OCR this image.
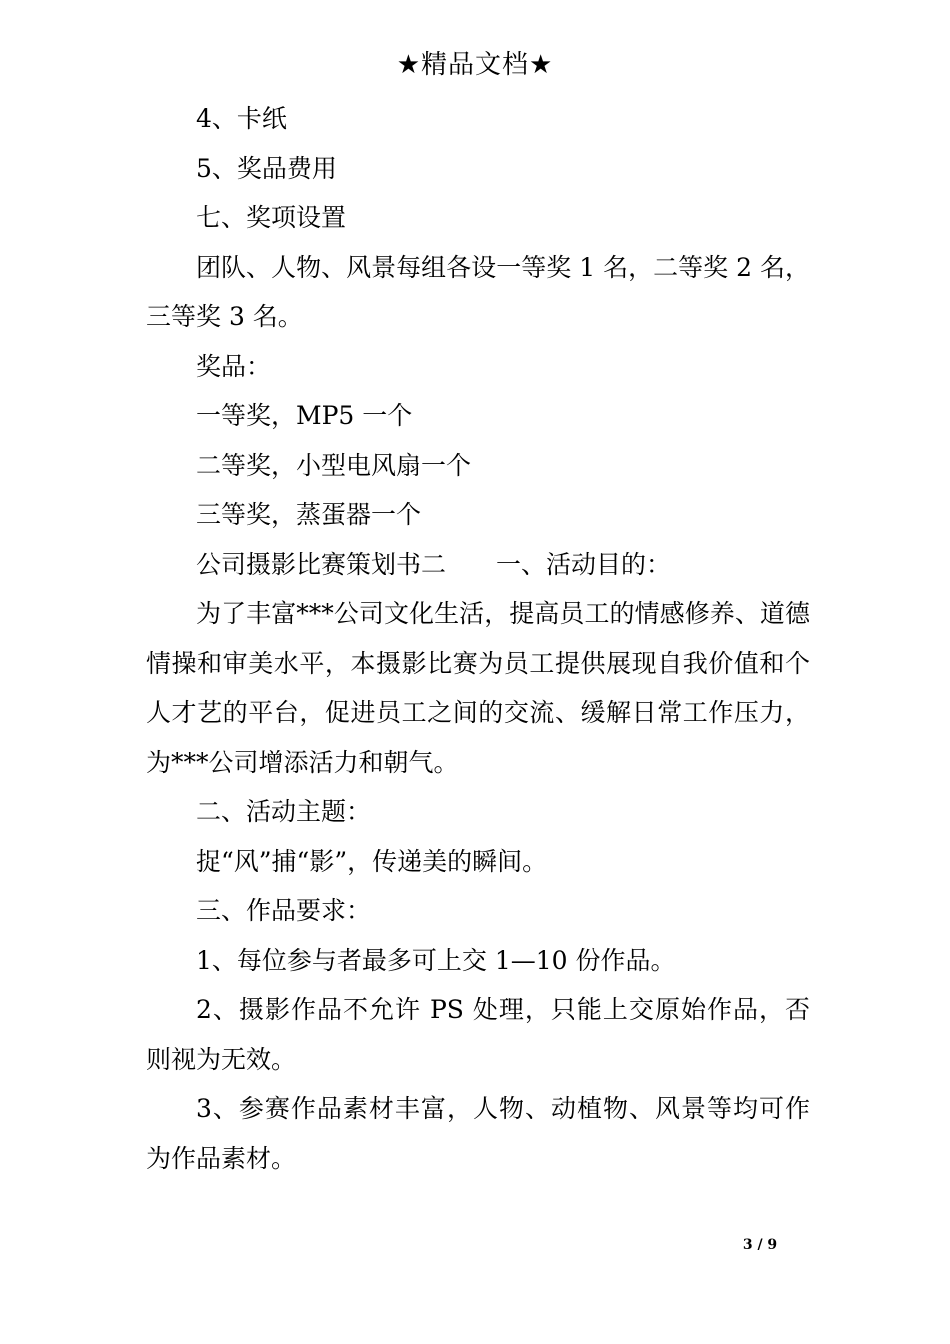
★精品文档★

4、卡纸

5、奖品费用

七、奖项设置

团队、人物、风景每组各设一等奖 1 名，二等奖 2 名，三等奖 3 名。

奖品：

一等奖，MP5 一个

二等奖，小型电风扇一个

三等奖，蒸蛋器一个

公司摄影比赛策划书二　　一、活动目的：

为了丰富***公司文化生活，提高员工的情感修养、道德情操和审美水平，本摄影比赛为员工提供展现自我价值和个人才艺的平台，促进员工之间的交流、缓解日常工作压力，为***公司增添活力和朝气。

二、活动主题：

捉“风”捕“影”，传递美的瞬间。

三、作品要求：

1、每位参与者最多可上交 1—10 份作品。

2、摄影作品不允许 PS 处理，只能上交原始作品，否则视为无效。

3、参赛作品素材丰富，人物、动植物、风景等均可作为作品素材。

3 / 9
